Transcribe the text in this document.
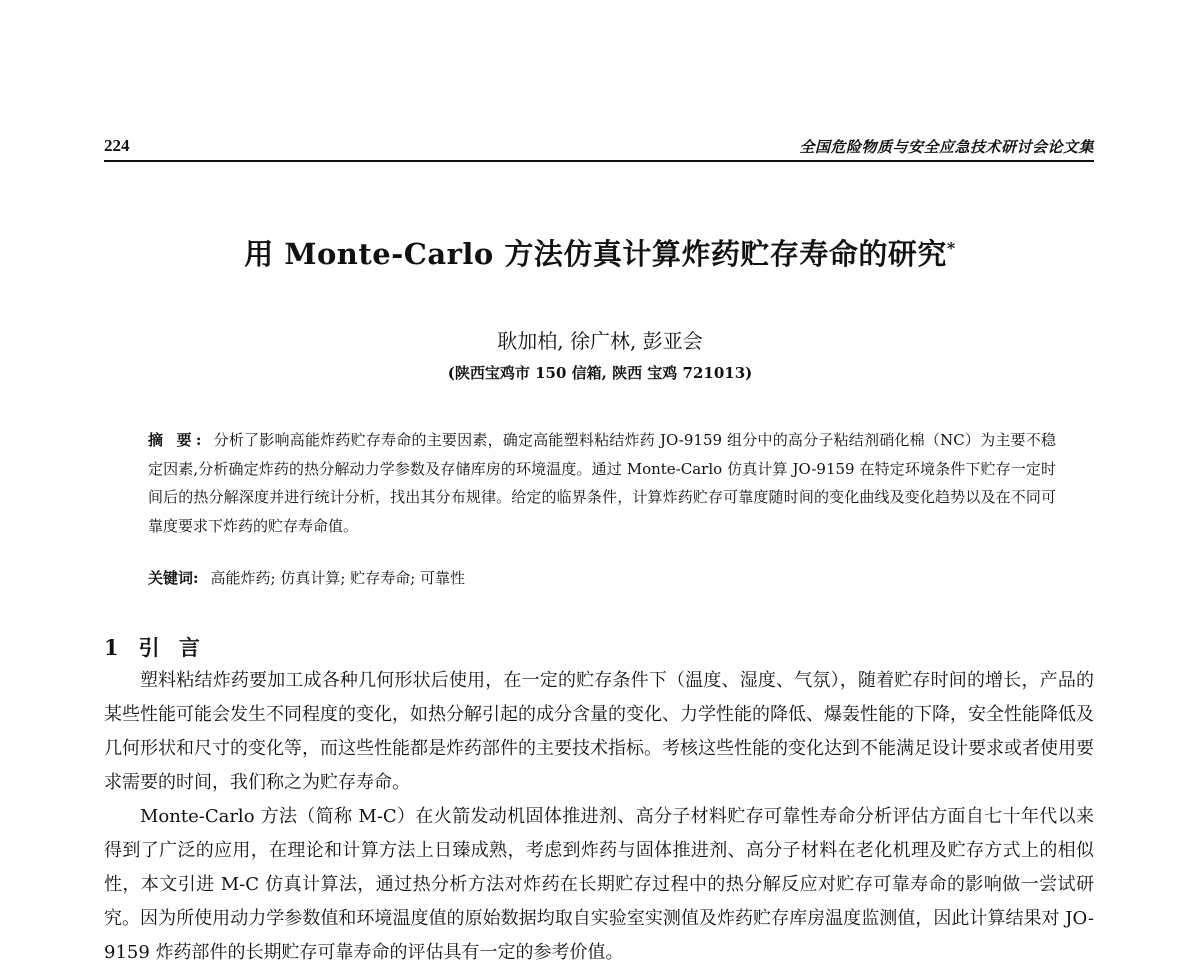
224	全国危险物质与安全应急技术研讨会论文集
用 Monte-Carlo 方法仿真计算炸药贮存寿命的研究*
耿加柏, 徐广林, 彭亚会
(陕西宝鸡市 150 信箱, 陕西 宝鸡 721013)
摘 要: 分析了影响高能炸药贮存寿命的主要因素，确定高能塑料粘结炸药 JO-9159 组分中的高分子粘结剂硝化棉（NC）为主要不稳定因素,分析确定炸药的热分解动力学参数及存储库房的环境温度。通过 Monte-Carlo 仿真计算 JO-9159 在特定环境条件下贮存一定时间后的热分解深度并进行统计分析，找出其分布规律。给定的临界条件，计算炸药贮存可靠度随时间的变化曲线及变化趋势以及在不同可靠度要求下炸药的贮存寿命值。
关键词: 高能炸药; 仿真计算; 贮存寿命; 可靠性
1 引 言

塑料粘结炸药要加工成各种几何形状后使用，在一定的贮存条件下（温度、湿度、气氛），随着贮存时间的增长，产品的某些性能可能会发生不同程度的变化，如热分解引起的成分含量的变化、力学性能的降低、爆轰性能的下降，安全性能降低及几何形状和尺寸的变化等，而这些性能都是炸药部件的主要技术指标。考核这些性能的变化达到不能满足设计要求或者使用要求需要的时间，我们称之为贮存寿命。

Monte-Carlo 方法（简称 M-C）在火箭发动机固体推进剂、高分子材料贮存可靠性寿命分析评估方面自七十年代以来得到了广泛的应用，在理论和计算方法上日臻成熟，考虑到炸药与固体推进剂、高分子材料在老化机理及贮存方式上的相似性，本文引进 M-C 仿真计算法，通过热分析方法对炸药在长期贮存过程中的热分解反应对贮存可靠寿命的影响做一尝试研究。因为所使用动力学参数值和环境温度值的原始数据均取自实验室实测值及炸药贮存库房温度监测值，因此计算结果对 JO-9159 炸药部件的长期贮存可靠寿命的评估具有一定的参考价值。
